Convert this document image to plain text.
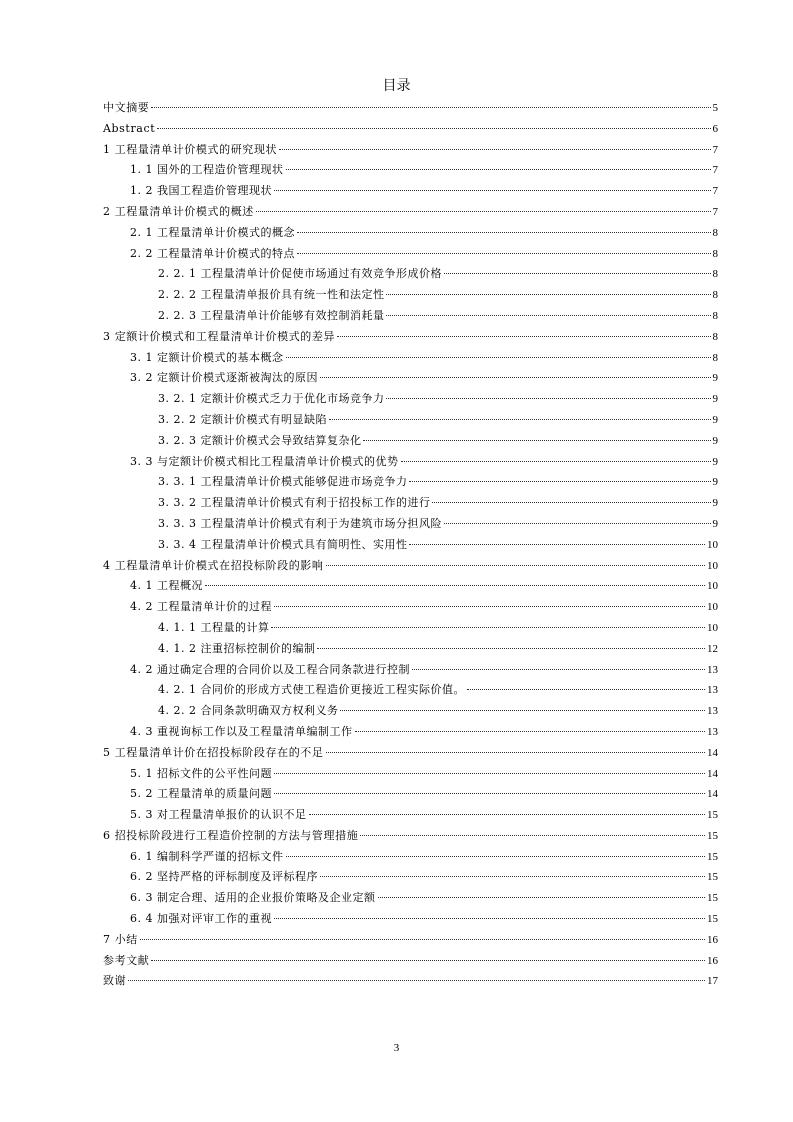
目录
中文摘要	5
Abstract	6
1 工程量清单计价模式的研究现状	7
1. 1 国外的工程造价管理现状	7
1. 2 我国工程造价管理现状	7
2 工程量清单计价模式的概述	7
2. 1 工程量清单计价模式的概念	8
2. 2 工程量清单计价模式的特点	8
2. 2. 1 工程量清单计价促使市场通过有效竞争形成价格	8
2. 2. 2 工程量清单报价具有统一性和法定性	8
2. 2. 3 工程量清单计价能够有效控制消耗量	8
3 定额计价模式和工程量清单计价模式的差异	8
3. 1 定额计价模式的基本概念	8
3. 2 定额计价模式逐渐被淘汰的原因	9
3. 2. 1 定额计价模式乏力于优化市场竞争力	9
3. 2. 2 定额计价模式有明显缺陷	9
3. 2. 3 定额计价模式会导致结算复杂化	9
3. 3 与定额计价模式相比工程量清单计价模式的优势	9
3. 3. 1 工程量清单计价模式能够促进市场竞争力	9
3. 3. 2 工程量清单计价模式有利于招投标工作的进行	9
3. 3. 3 工程量清单计价模式有利于为建筑市场分担风险	9
3. 3. 4 工程量清单计价模式具有简明性、实用性	10
4 工程量清单计价模式在招投标阶段的影响	10
4. 1 工程概况	10
4. 2 工程量清单计价的过程	10
4. 1. 1 工程量的计算	10
4. 1. 2 注重招标控制价的编制	12
4. 2 通过确定合理的合同价以及工程合同条款进行控制	13
4. 2. 1 合同价的形成方式使工程造价更接近工程实际价值。	13
4. 2. 2 合同条款明确双方权利义务	13
4. 3 重视询标工作以及工程量清单编制工作	13
5 工程量清单计价在招投标阶段存在的不足	14
5. 1 招标文件的公平性问题	14
5. 2 工程量清单的质量问题	14
5. 3 对工程量清单报价的认识不足	15
6 招投标阶段进行工程造价控制的方法与管理措施	15
6. 1 编制科学严谨的招标文件	15
6. 2 坚持严格的评标制度及评标程序	15
6. 3 制定合理、适用的企业报价策略及企业定额	15
6. 4 加强对评审工作的重视	15
7 小结	16
参考文献	16
致谢	17
3
